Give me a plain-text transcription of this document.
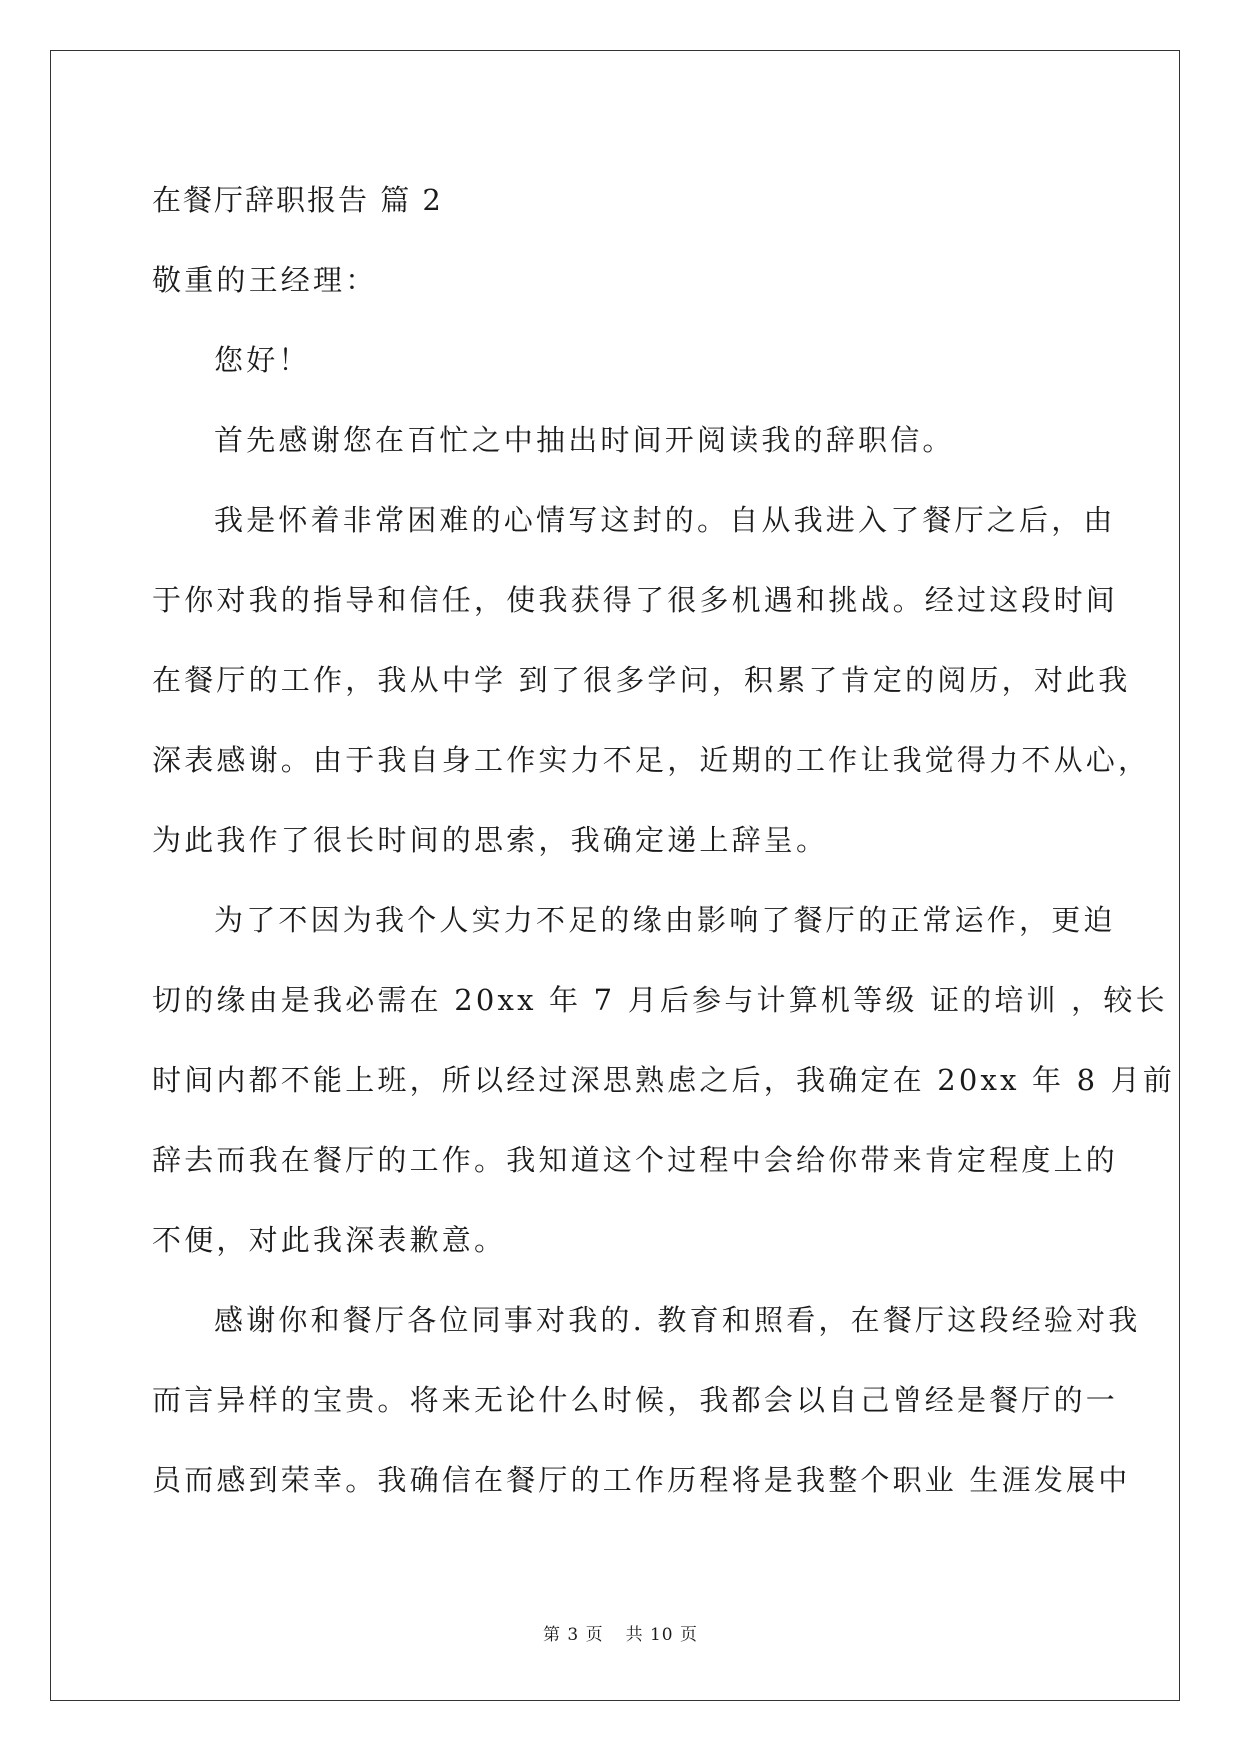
在餐厅辞职报告 篇 2

敬重的王经理：

您好！

首先感谢您在百忙之中抽出时间开阅读我的辞职信。

我是怀着非常困难的心情写这封的。自从我进入了餐厅之后，由

于你对我的指导和信任，使我获得了很多机遇和挑战。经过这段时间

在餐厅的工作，我从中学 到了很多学问，积累了肯定的阅历，对此我

深表感谢。由于我自身工作实力不足，近期的工作让我觉得力不从心，

为此我作了很长时间的思索，我确定递上辞呈。

为了不因为我个人实力不足的缘由影响了餐厅的正常运作，更迫

切的缘由是我必需在 20xx 年 7 月后参与计算机等级 证的培训 ，较长

时间内都不能上班，所以经过深思熟虑之后，我确定在 20xx 年 8 月前

辞去而我在餐厅的工作。我知道这个过程中会给你带来肯定程度上的

不便，对此我深表歉意。

感谢你和餐厅各位同事对我的. 教育和照看，在餐厅这段经验对我

而言异样的宝贵。将来无论什么时候，我都会以自己曾经是餐厅的一

员而感到荣幸。我确信在餐厅的工作历程将是我整个职业 生涯发展中

第 3 页 共 10 页
